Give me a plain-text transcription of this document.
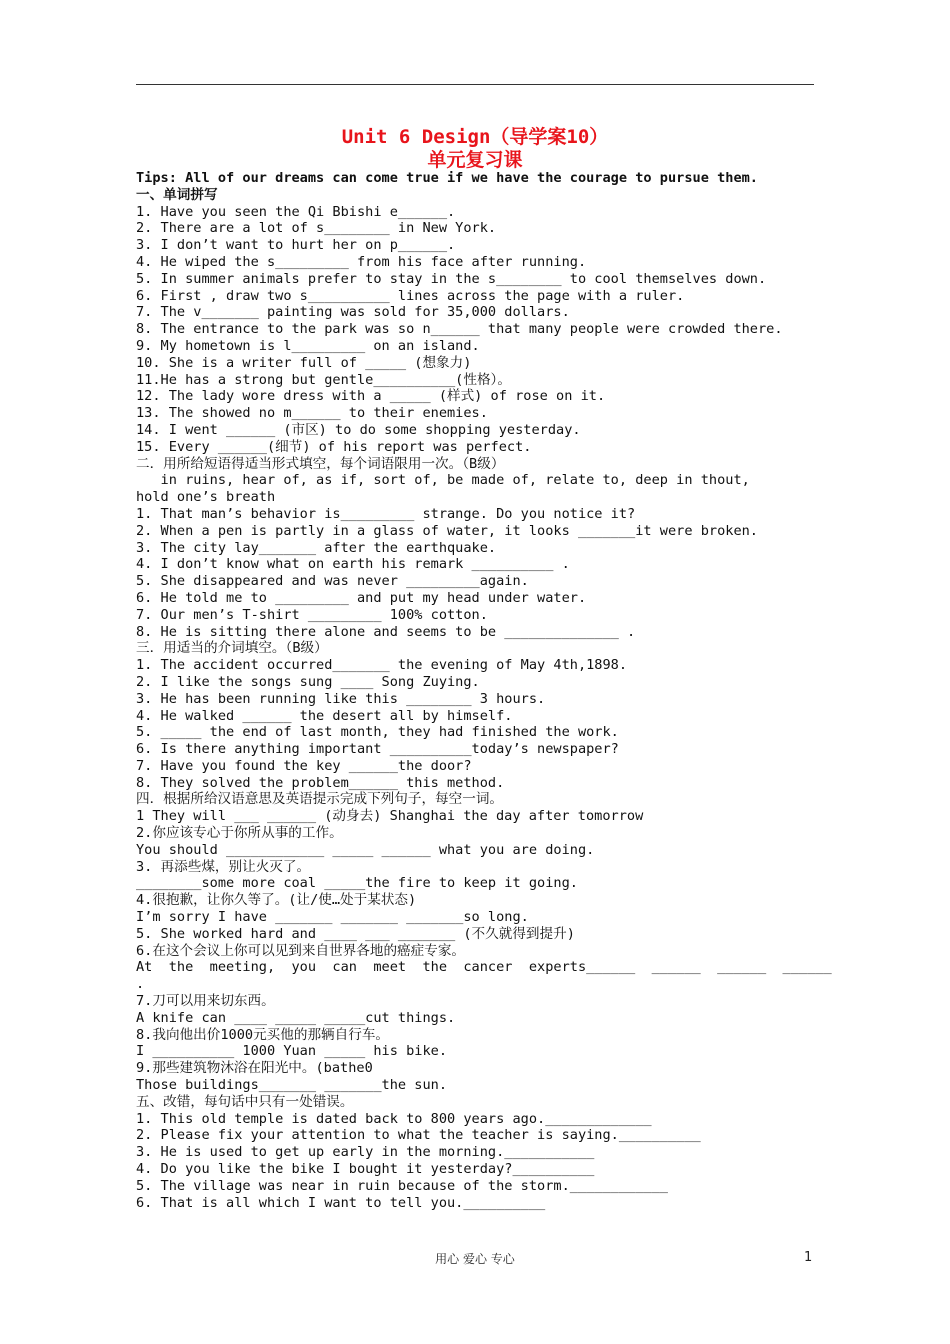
Unit 6 Design（导学案10）
单元复习课
Tips: All of our dreams can come true if we have the courage to pursue them.
一、单词拼写
1. Have you seen the Qi Bbishi e______.
2. There are a lot of s________ in New York.
3. I don’t want to hurt her on p______.
4. He wiped the s_________ from his face after running.
5. In summer animals prefer to stay in the s________ to cool themselves down.
6. First , draw two s__________ lines across the page with a ruler.
7. The v_______ painting was sold for 35,000 dollars.
8. The entrance to the park was so n______ that many people were crowded there.
9. My hometown is l_________ on an island.
10. She is a writer full of _____ (想象力)
11.He has a strong but gentle__________(性格）。
12. The lady wore dress with a _____ (样式) of rose on it.
13. The showed no m______ to their enemies.
14. I went ______ (市区) to do some shopping yesterday.
15. Every ______(细节) of his report was perfect.
二．用所给短语得适当形式填空，每个词语限用一次。（B级）
in ruins, hear of, as if, sort of, be made of, relate to, deep in thout,
hold one’s breath
1. That man’s behavior is_________ strange. Do you notice it?
2. When a pen is partly in a glass of water, it looks _______it were broken.
3. The city lay_______ after the earthquake.
4. I don’t know what on earth his remark __________ .
5. She disappeared and was never _________again.
6. He told me to _________ and put my head under water.
7. Our men’s T-shirt _________ 100% cotton.
8. He is sitting there alone and seems to be ______________ .
三．用适当的介词填空。（B级）
1. The accident occurred_______ the evening of May 4th,1898.
2. I like the songs sung ____ Song Zuying.
3. He has been running like this ________ 3 hours.
4. He walked ______ the desert all by himself.
5. _____ the end of last month, they had finished the work.
6. Is there anything important __________today’s newspaper?
7. Have you found the key ______the door?
8. They solved the problem______ this method.
四．根据所给汉语意思及英语提示完成下列句子，每空一词。
1 They will ___ ______ (动身去) Shanghai the day after tomorrow
2.你应该专心于你所从事的工作。
You should ____________ _____ ______ what you are doing.
3. 再添些煤，别让火灭了。
________some more coal _____the fire to keep it going.
4.很抱歉，让你久等了。(让/使…处于某状态)
I’m sorry I have _______ _______ _______so long.
5. She worked hard and ____ ___ _______ (不久就得到提升)
6.在这个会议上你可以见到来自世界各地的癌症专家。
At  the  meeting,  you  can  meet  the  cancer  experts______  ______  ______  ______
.
7.刀可以用来切东西。
A knife can ____ _____ _____cut things.
8.我向他出价1000元买他的那辆自行车。
I __________ 1000 Yuan _____ his bike.
9.那些建筑物沐浴在阳光中。(bathe0
Those buildings_______ _______the sun.
五、改错，每句话中只有一处错误。
1. This old temple is dated back to 800 years ago._____________
2. Please fix your attention to what the teacher is saying.__________
3. He is used to get up early in the morning.___________
4. Do you like the bike I bought it yesterday?__________
5. The village was near in ruin because of the storm.____________
6. That is all which I want to tell you.__________
用心 爱心 专心	1
